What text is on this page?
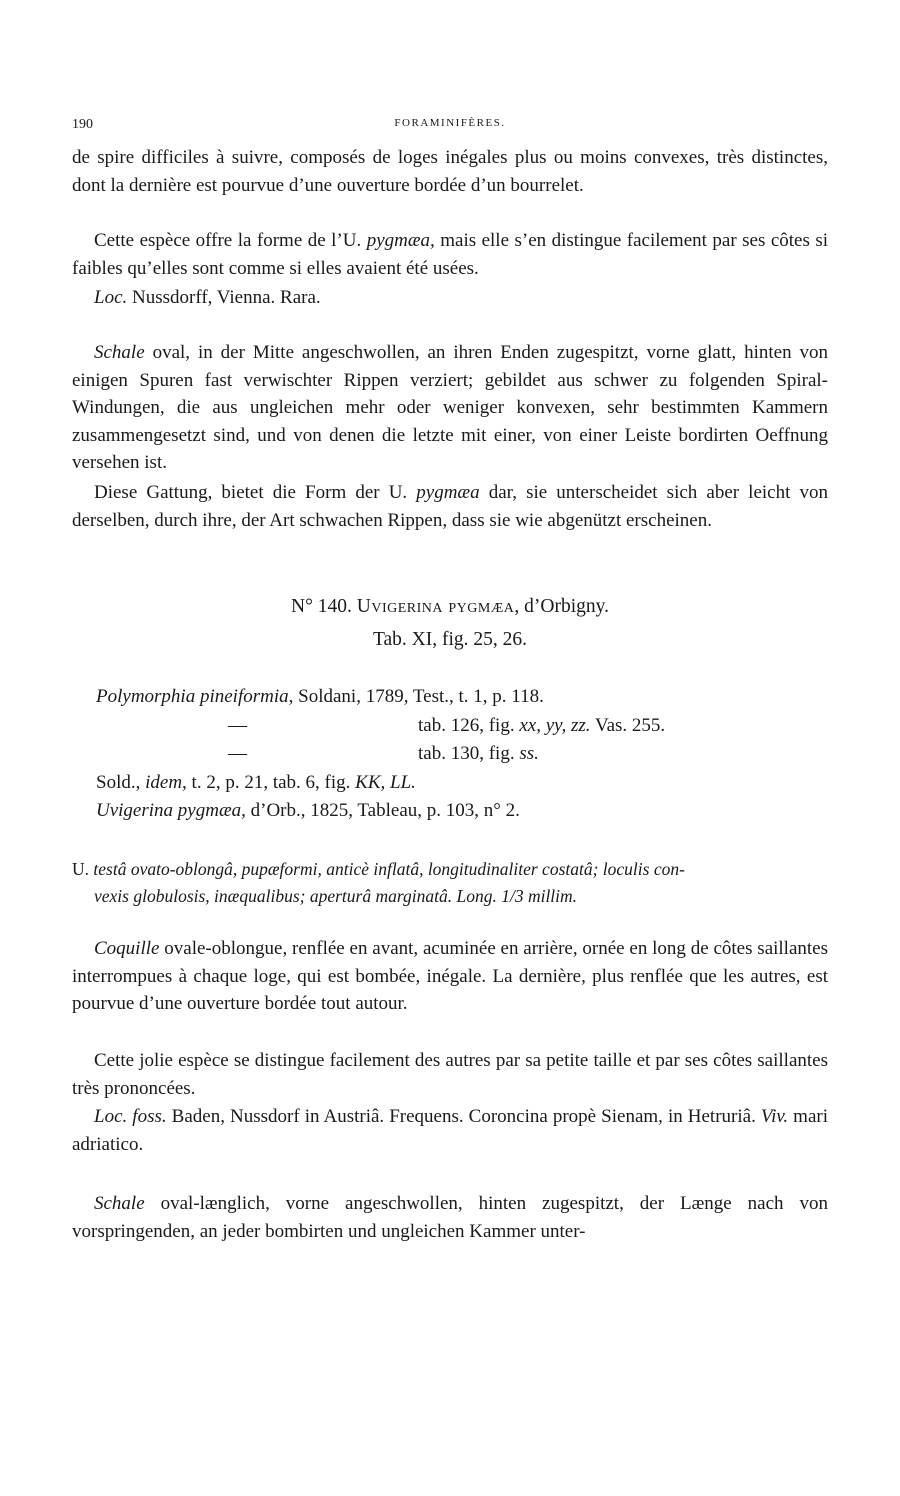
190	FORAMINIFÈRES.

de spire difficiles à suivre, composés de loges inégales plus ou moins convexes, très distinctes, dont la dernière est pourvue d’une ouverture bordée d’un bourrelet.

Cette espèce offre la forme de l’U. pygmæa, mais elle s’en distingue facilement par ses côtes si faibles qu’elles sont comme si elles avaient été usées.

Loc. Nussdorff, Vienna. Rara.

Schale oval, in der Mitte angeschwollen, an ihren Enden zugespitzt, vorne glatt, hinten von einigen Spuren fast verwischter Rippen verziert; gebildet aus schwer zu folgenden Spiral-Windungen, die aus ungleichen mehr oder weniger konvexen, sehr bestimmten Kammern zusammengesetzt sind, und von denen die letzte mit einer, von einer Leiste bordirten Oeffnung versehen ist.

Diese Gattung, bietet die Form der U. pygmæa dar, sie unterscheidet sich aber leicht von derselben, durch ihre, der Art schwachen Rippen, dass sie wie abgenützt erscheinen.

N° 140. Uvigerina pygmæa, d’Orbigny.

Tab. XI, fig. 25, 26.

Polymorphia pineiformia, Soldani, 1789, Test., t. 1, p. 118.

—	tab. 126, fig. xx, yy, zz. Vas. 255.

—	tab. 130, fig. ss.

Sold., idem, t. 2, p. 21, tab. 6, fig. KK, LL.

Uvigerina pygmæa, d’Orb., 1825, Tableau, p. 103, n° 2.

U. testâ ovato-oblongâ, pupæformi, anticè inflatâ, longitudinaliter costatâ; loculis con-
vexis globulosis, inæqualibus; aperturâ marginatâ. Long. 1/3 millim.

Coquille ovale-oblongue, renflée en avant, acuminée en arrière, ornée en long de côtes saillantes interrompues à chaque loge, qui est bombée, inégale. La dernière, plus renflée que les autres, est pourvue d’une ouverture bordée tout autour.

Cette jolie espèce se distingue facilement des autres par sa petite taille et par ses côtes saillantes très prononcées.

Loc. foss. Baden, Nussdorf in Austriâ. Frequens. Coroncina propè Sienam, in Hetruriâ. Viv. mari adriatico.

Schale oval-længlich, vorne angeschwollen, hinten zugespitzt, der Længe nach von vorspringenden, an jeder bombirten und ungleichen Kammer unter-
